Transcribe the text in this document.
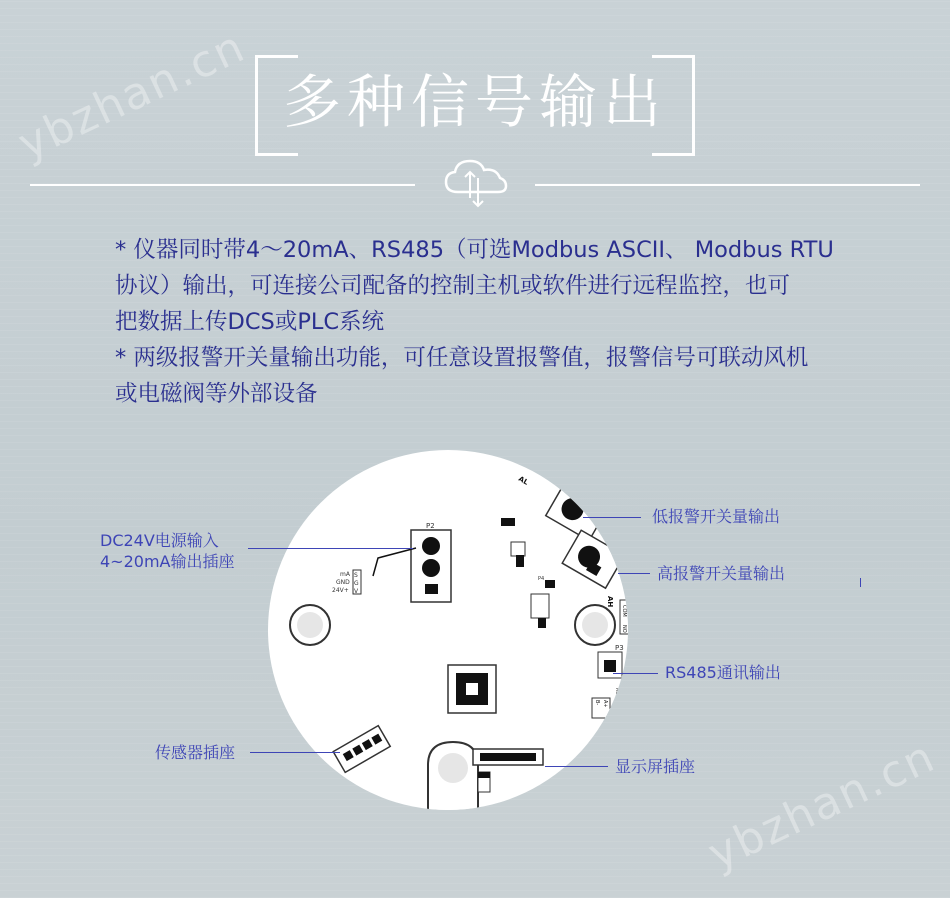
ybzhan.cn
ybzhan.cn
多种信号输出

* 仪器同时带4～20mA、RS485（可选Modbus ASCII、 Modbus RTU

协议）输出，可连接公司配备的控制主机或软件进行远程监控，也可

把数据上传DCS或PLC系统

* 两级报警开关量输出功能，可任意设置报警值，报警信号可联动风机

或电磁阀等外部设备

P2
mA
GND
24V+
S
G
V
P4
AL
COM
NO
AH
COM
NO
P3
RS485
B- A+
DC24V电源输入
4~20mA输出插座
低报警开关量输出
高报警开关量输出
RS485通讯输出
传感器插座
显示屏插座
